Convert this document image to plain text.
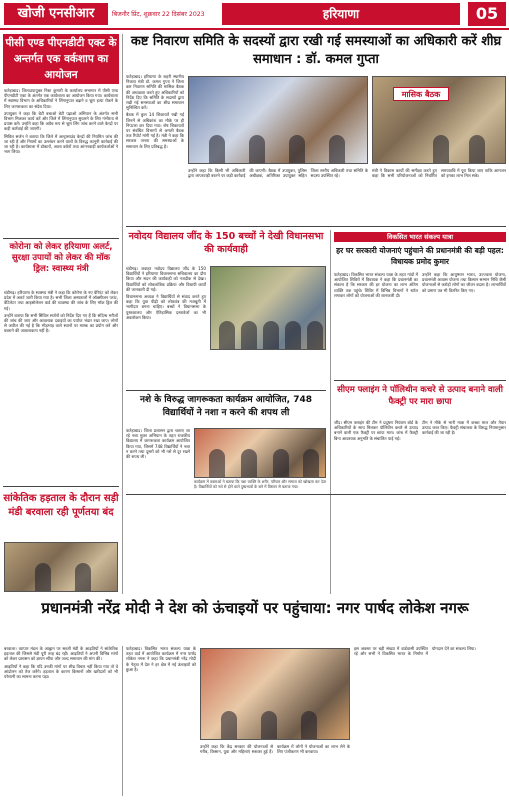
खोजी एनसीआर	बिजनौर प्रिंट, शुक्रवार 22 दिसंबर 2023	हरियाणा	05
पीसी एण्ड पीएनडीटी एक्ट के अन्तर्गत एक वर्कशाप का आयोजन
फतेहाबाद। जिलाउपायुक्त निशा कुमारी के कार्यालय सभागार में पीसी एण्ड पीएनडीटी एक्ट के अंतर्गत एक कार्यशाला का आयोजन किया गया। कार्यशाला में स्वास्थ्य विभाग के अधिकारियों ने लिंगानुपात बढ़ाने व भ्रूण हत्या रोकने के लिए जागरूकता का संदेश दिया।
उपायुक्त ने कहा कि बेटी बचाओ बेटी पढ़ाओ अभियान के अंतर्गत सभी विभाग मिलकर कार्य करें और जिले में लिंगानुपात सुधारने के लिए गंभीरता से प्रयास करें। उन्होंने कहा कि अवैध रूप से भ्रूण लिंग जांच करने वाले केन्द्रों पर कड़ी कार्रवाई की जाएगी।
सिविल सर्जन ने बताया कि जिले में अल्ट्रासाउंड केन्द्रों की नियमित जांच की जा रही है और नियमों का उल्लंघन करने वालों के विरुद्ध कानूनी कार्रवाई की जा रही है। कार्यशाला में डॉक्टरों, आशा वर्करों तथा आंगनवाड़ी कार्यकर्ताओं ने भाग लिया।
कोरोना को लेकर हरियाणा अलर्ट, सुरक्षा उपायों को लेकर की मॉक ड्रिल: स्वास्थ्य मंत्री
चंडीगढ़। हरियाणा के स्वास्थ्य मंत्री ने कहा कि कोरोना के नए वेरिएंट को लेकर प्रदेश में अलर्ट जारी किया गया है। सभी जिला अस्पतालों में ऑक्सीजन प्लांट, वेंटिलेटर तथा आइसोलेशन वार्ड की व्यवस्था की जांच के लिए मॉक ड्रिल की गई।
उन्होंने बताया कि सभी सिविल सर्जनों को निर्देश दिए गए हैं कि संदिग्ध मरीजों की जांच की जाए और आवश्यक दवाइयों का पर्याप्त भंडार रखा जाए। लोगों से अपील की गई है कि भीड़भाड़ वाले स्थानों पर मास्क का प्रयोग करें और घबराने की आवश्यकता नहीं है।
कष्ट निवारण समिति के सदस्यों द्वारा रखी गई समस्याओं का अधिकारी करें शीघ्र समाधान : डॉ. कमल गुप्ता
फतेहाबाद। हरियाणा के शहरी स्थानीय निकाय मंत्री डॉ. कमल गुप्ता ने जिला कष्ट निवारण समिति की मासिक बैठक की अध्यक्षता करते हुए अधिकारियों को निर्देश दिए कि समिति के सदस्यों द्वारा रखी गई समस्याओं का शीघ्र समाधान सुनिश्चित करें।
बैठक में कुल 14 शिकायतें रखी गई जिनमें से अधिकांश का मौके पर ही निपटारा कर दिया गया। शेष शिकायतों पर संबंधित विभागों से अगली बैठक तक रिपोर्ट मांगी गई है। मंत्री ने कहा कि सरकार जनता की समस्याओं के समाधान के लिए प्रतिबद्ध है।
मासिक बैठक
उन्होंने कहा कि किसी भी अधिकारी द्वारा लापरवाही बरतने पर कड़ी कार्रवाई की जाएगी। बैठक में उपायुक्त, पुलिस अधीक्षक, अतिरिक्त उपायुक्त सहित जिला स्तरीय अधिकारी तथा समिति के सदस्य उपस्थित रहे।
मंत्री ने विकास कार्यों की समीक्षा करते हुए कहा कि सभी परियोजनाओं को निर्धारित समयावधि में पूरा किया जाए ताकि आमजन को इनका लाभ मिल सके।
नवोदय विद्यालय जींद के 150 बच्चों ने देखी विधानसभा की कार्यवाही
चंडीगढ़। जवाहर नवोदय विद्यालय जींद के 150 विद्यार्थियों ने हरियाणा विधानसभा सचिवालय का दौरा किया और सदन की कार्यवाही को नजदीक से देखा। विद्यार्थियों को लोकतांत्रिक प्रक्रिया और विधायी कार्यों की जानकारी दी गई।
विधानसभा अध्यक्ष ने विद्यार्थियों से संवाद करते हुए कहा कि युवा पीढ़ी को लोकतंत्र की मजबूती में भागीदार बनना चाहिए। बच्चों ने विधानसभा के पुस्तकालय और ऐतिहासिक दस्तावेजों का भी अवलोकन किया।
नशे के विरुद्ध जागरूकता कार्यक्रम आयोजित, 748 विद्यार्थियों ने नशा न करने की शपथ ली
फतेहाबाद। जिला प्रशासन द्वारा चलाए जा रहे नशा मुक्त अभियान के तहत राजकीय विद्यालय में जागरूकता कार्यक्रम आयोजित किया गया, जिसमें 748 विद्यार्थियों ने नशा न करने तथा दूसरों को भी नशे से दूर रखने की शपथ ली।
कार्यक्रम में वक्ताओं ने बताया कि नशा व्यक्ति के शरीर, परिवार और समाज को खोखला कर देता है। विद्यार्थियों को नशे से होने वाले दुष्प्रभावों के बारे में विस्तार से बताया गया।
विकसित भारत संकल्प यात्रा
हर घर सरकारी योजनाएं पहुंचाने की प्रधानमंत्री की बड़ी पहल: विधायक प्रमोद कुमार
फतेहाबाद। विकसित भारत संकल्प यात्रा के तहत गांवों में आयोजित शिविरों में विधायक ने कहा कि प्रधानमंत्री का संकल्प है कि सरकार की हर योजना का लाभ अंतिम व्यक्ति तक पहुंचे। शिविर में विभिन्न विभागों ने स्टॉल लगाकर लोगों को योजनाओं की जानकारी दी।
उन्होंने कहा कि आयुष्मान भारत, उज्ज्वला योजना, प्रधानमंत्री आवास योजना तथा किसान सम्मान निधि जैसी योजनाओं से करोड़ों लोगों का जीवन बदला है। लाभार्थियों को प्रमाण पत्र भी वितरित किए गए।
सीएम फ्लाइंग ने पॉलिथीन कचरे से उत्पाद बनाने वाली फैक्ट्री पर मारा छापा
जींद। सीएम फ्लाइंग की टीम ने प्रदूषण नियंत्रण बोर्ड के अधिकारियों के साथ मिलकर पॉलिथीन कचरे से उत्पाद बनाने वाली एक फैक्ट्री पर छापा मारा। जांच में फैक्ट्री बिना आवश्यक अनुमति के संचालित पाई गई।
टीम ने मौके से भारी मात्रा में कच्चा माल और तैयार उत्पाद जब्त किए। फैक्ट्री संचालक के विरुद्ध नियमानुसार कार्रवाई की जा रही है।
सांकेतिक हड़ताल के दौरान सड़ी मंडी बरवाला रही पूर्णतया बंद
प्रधानमंत्री नरेंद्र मोदी ने देश को ऊंचाइयों पर पहुंचाया: नगर पार्षद लोकेश नगरू
बरवाला। व्यापार मंडल के आह्वान पर सब्जी मंडी के आढ़तियों ने सांकेतिक हड़ताल की जिससे मंडी पूरी तरह बंद रही। आढ़तियों ने अपनी विभिन्न मांगों को लेकर प्रशासन को ज्ञापन सौंपा और जल्द समाधान की मांग की।
आढ़तियों ने कहा कि यदि उनकी मांगों पर शीघ्र विचार नहीं किया गया तो वे आंदोलन को तेज करेंगे। हड़ताल के कारण किसानों और खरीदारों को भी परेशानी का सामना करना पड़ा।
फतेहाबाद। विकसित भारत संकल्प यात्रा के तहत वार्ड में आयोजित कार्यक्रम में नगर पार्षद लोकेश नगरू ने कहा कि प्रधानमंत्री नरेंद्र मोदी के नेतृत्व में देश ने हर क्षेत्र में नई ऊंचाइयों को छुआ है।
उन्होंने कहा कि केंद्र सरकार की योजनाओं से गरीब, किसान, युवा और महिलाएं सशक्त हुई हैं। कार्यक्रम में लोगों ने योजनाओं का लाभ लेने के लिए पंजीकरण भी करवाया।
इस अवसर पर बड़ी संख्या में वार्डवासी उपस्थित रहे और सभी ने विकसित भारत के निर्माण में योगदान देने का संकल्प लिया।
